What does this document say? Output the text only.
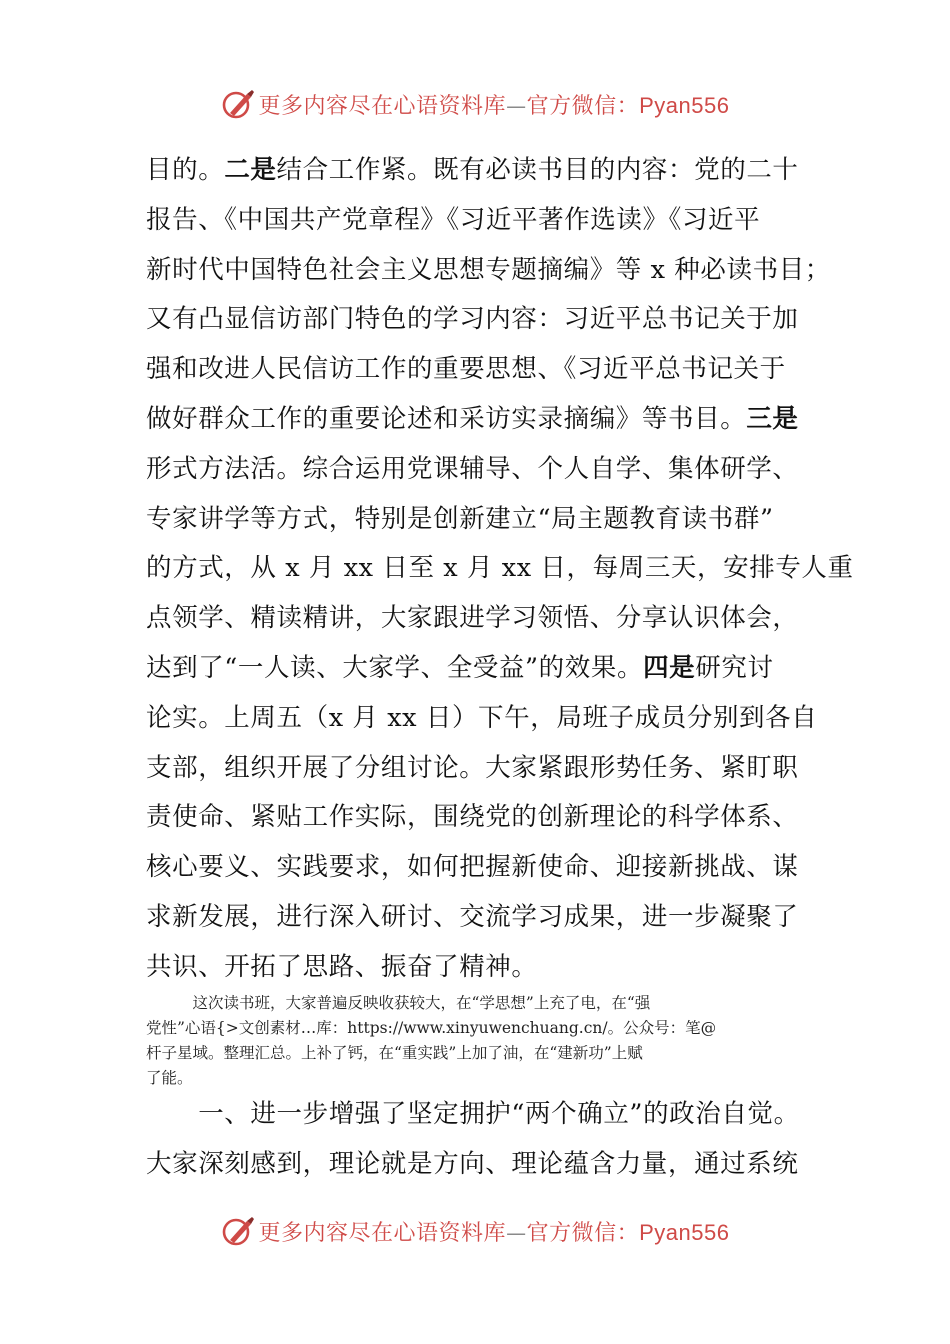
更多内容尽在心语资料库—官方微信：Pyan556
目的。二是结合工作紧。既有必读书目的内容：党的二十
报告、《中国共产党章程》《习近平著作选读》《习近平
新时代中国特色社会主义思想专题摘编》等 x 种必读书目；
又有凸显信访部门特色的学习内容：习近平总书记关于加
强和改进人民信访工作的重要思想、《习近平总书记关于
做好群众工作的重要论述和采访实录摘编》等书目。三是
形式方法活。综合运用党课辅导、个人自学、集体研学、
专家讲学等方式，特别是创新建立“局主题教育读书群”
的方式，从 x 月 xx 日至 x 月 xx 日，每周三天，安排专人重
点领学、精读精讲，大家跟进学习领悟、分享认识体会，
达到了“一人读、大家学、全受益”的效果。四是研究讨
论实。上周五（x 月 xx 日）下午，局班子成员分别到各自
支部，组织开展了分组讨论。大家紧跟形势任务、紧盯职
责使命、紧贴工作实际，围绕党的创新理论的科学体系、
核心要义、实践要求，如何把握新使命、迎接新挑战、谋
求新发展，进行深入研讨、交流学习成果，进一步凝聚了
共识、开拓了思路、振奋了精神。
　　　这次读书班，大家普遍反映收获较大，在“学思想”上充了电，在“强
党性”心语{>文创素材…库：https://www.xinyuwenchuang.cn/。公众号：笔@
杆子星域。整理汇总。上补了钙，在“重实践”上加了油，在“建新功”上赋
了能。
　　一、进一步增强了坚定拥护“两个确立”的政治自觉。
大家深刻感到，理论就是方向、理论蕴含力量，通过系统
更多内容尽在心语资料库—官方微信：Pyan556
